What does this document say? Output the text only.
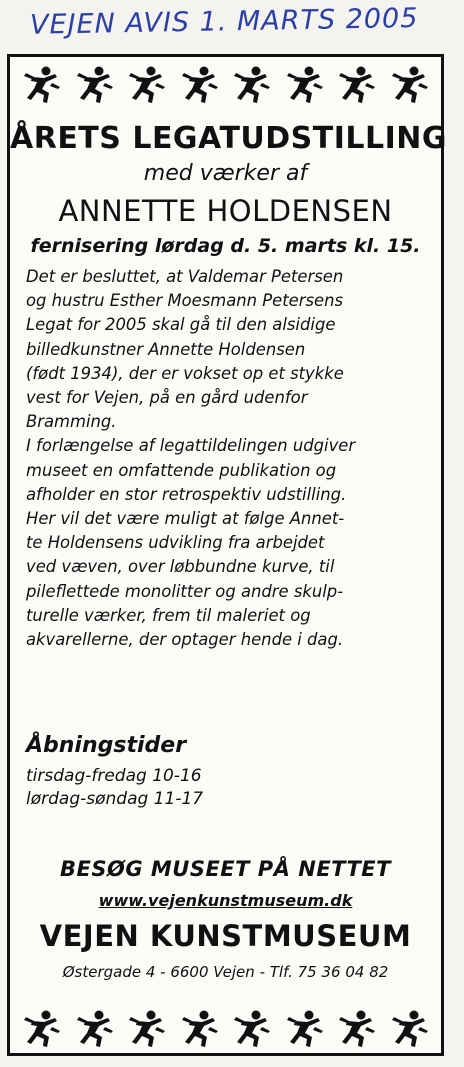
VEJEN AVIS 1. MARTS 2005
ÅRETS LEGATUDSTILLING
med værker af
ANNETTE HOLDENSEN
fernisering lørdag d. 5. marts kl. 15.
Det er besluttet, at Valdemar Petersen
og hustru Esther Moesmann Petersens
Legat for 2005 skal gå til den alsidige
billedkunstner Annette Holdensen
(født 1934), der er vokset op et stykke
vest for Vejen, på en gård udenfor
Bramming.
I forlængelse af legattildelingen udgiver
museet en omfattende publikation og
afholder en stor retrospektiv udstilling.
Her vil det være muligt at følge Annet-
te Holdensens udvikling fra arbejdet
ved væven, over løbbundne kurve, til
pileflettede monolitter og andre skulp-
turelle værker, frem til maleriet og
akvarellerne, der optager hende i dag.
Åbningstider
tirsdag-fredag 10-16
lørdag-søndag 11-17
BESØG MUSEET PÅ NETTET
www.vejenkunstmuseum.dk
VEJEN KUNSTMUSEUM
Østergade 4 - 6600 Vejen - Tlf. 75 36 04 82
